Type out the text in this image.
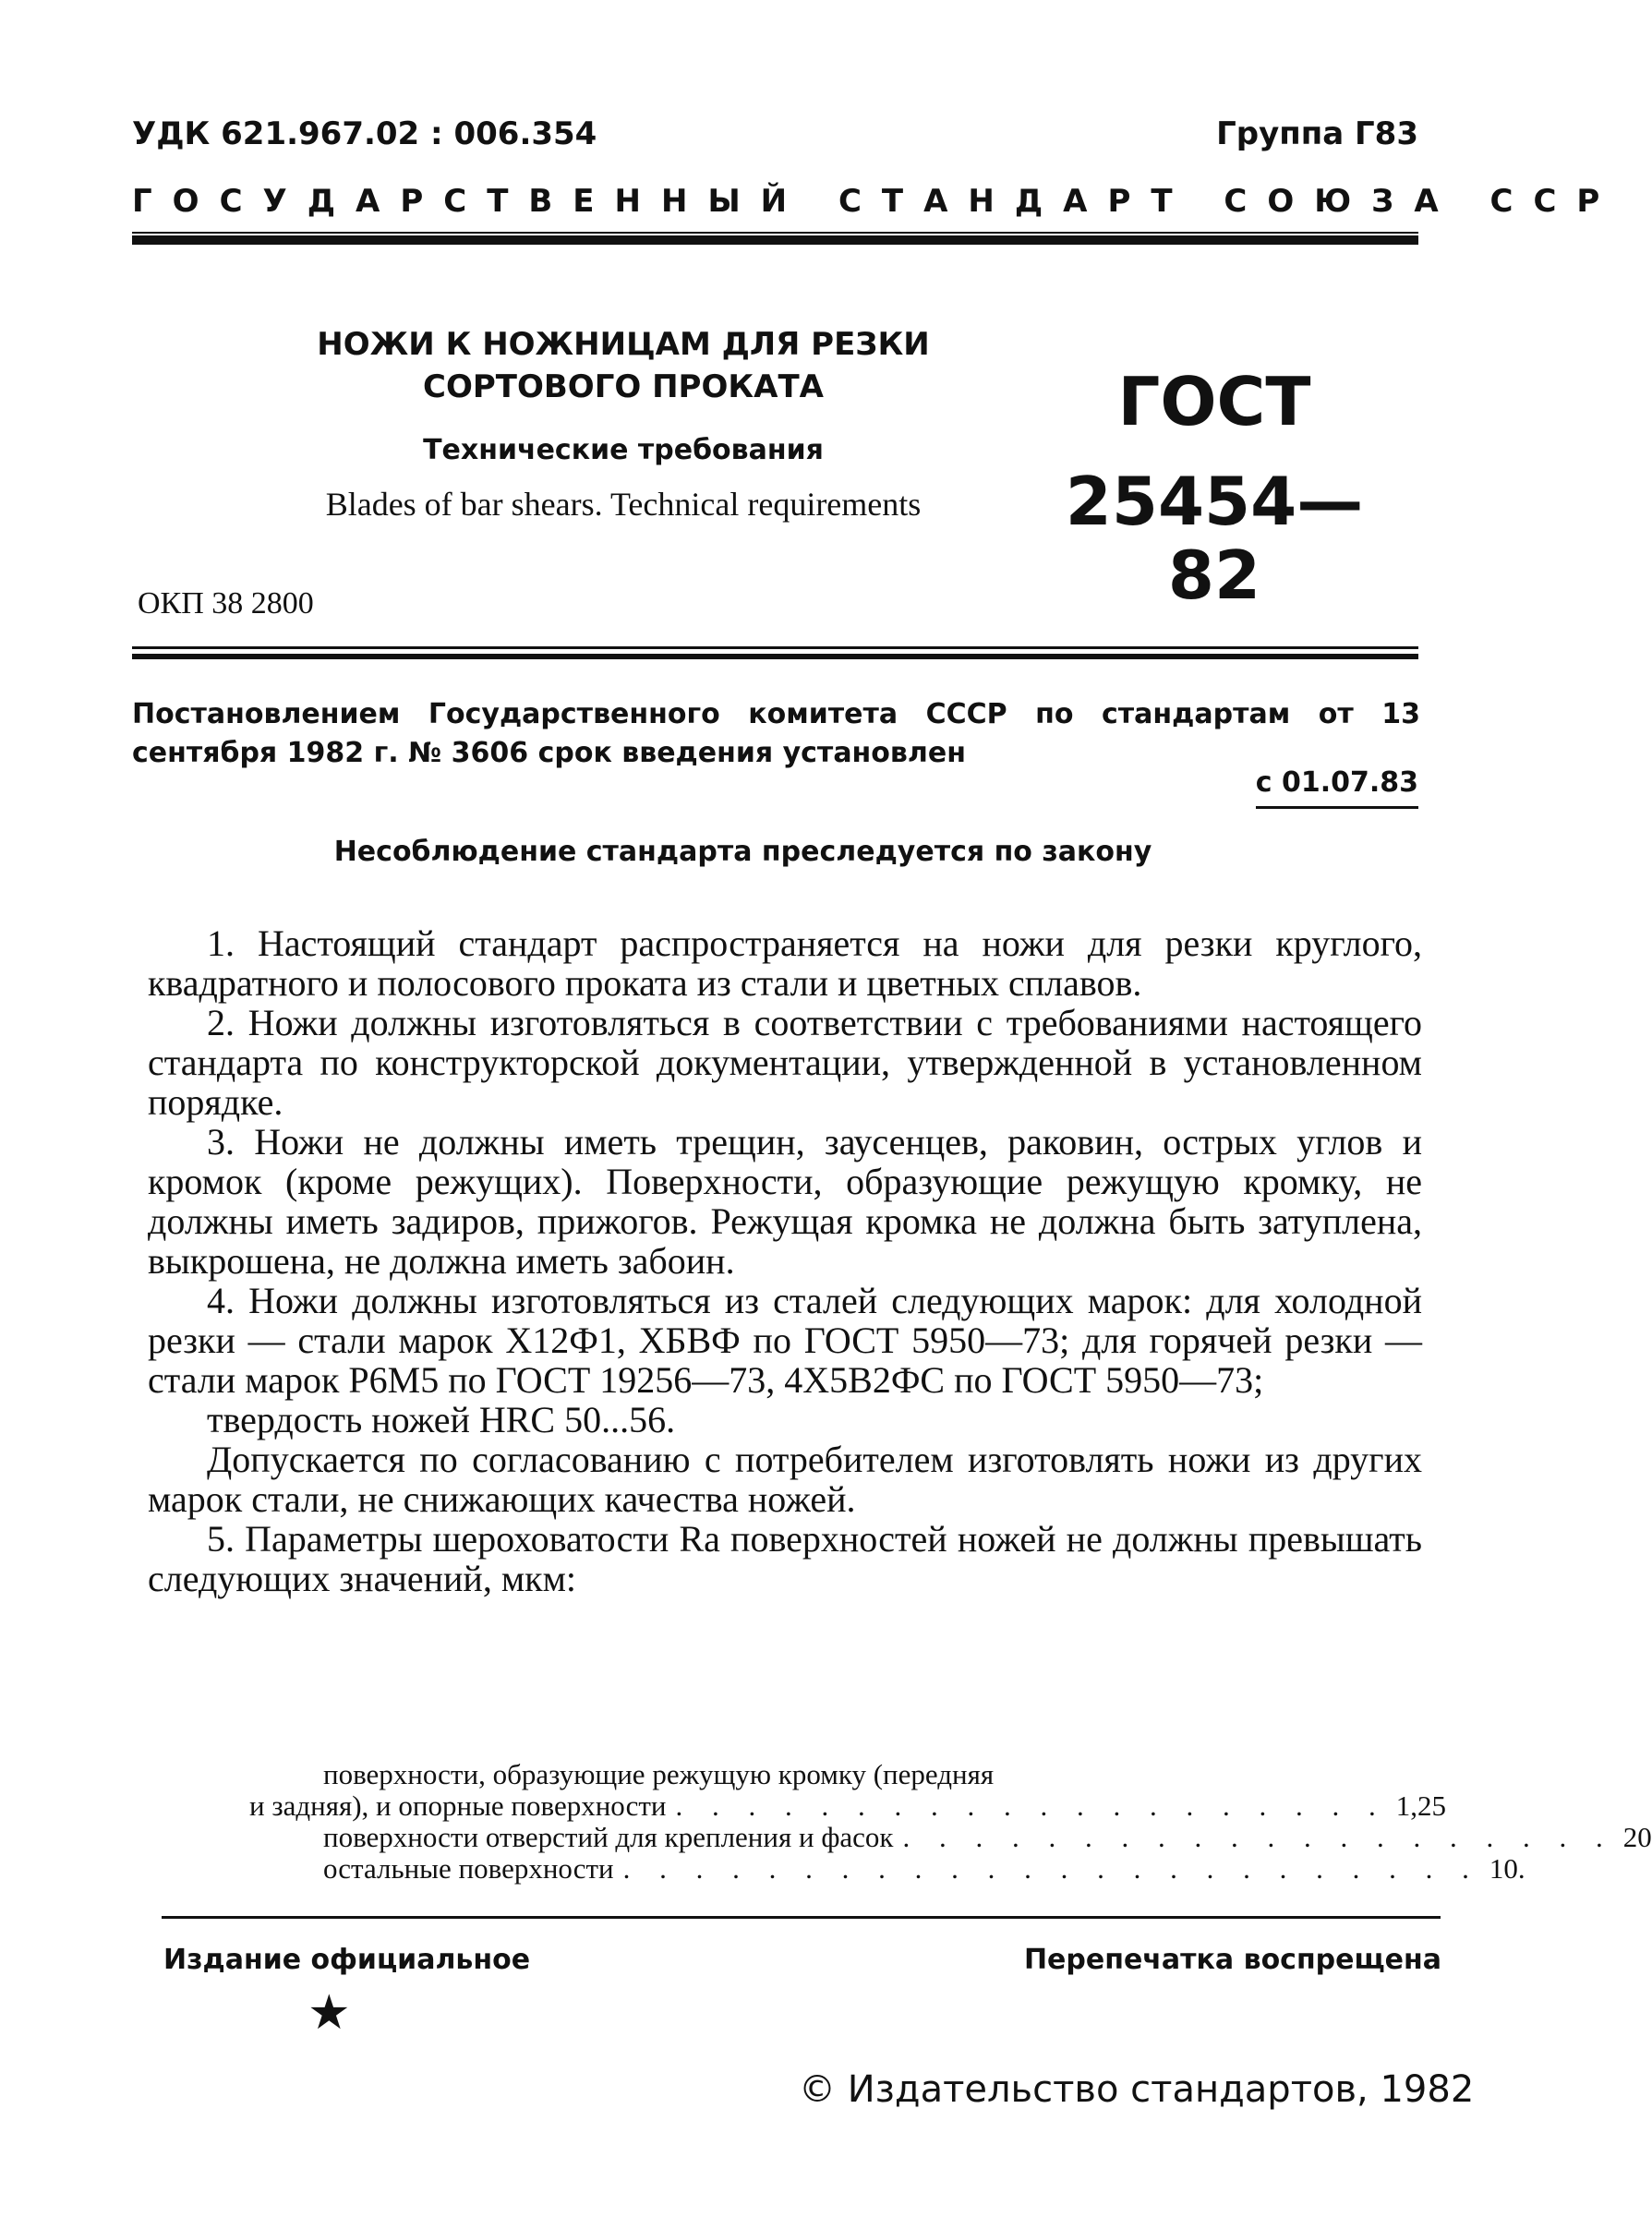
УДК 621.967.02 : 006.354	Группа Г83
ГОСУДАРСТВЕННЫЙ СТАНДАРТ СОЮЗА ССР
НОЖИ К НОЖНИЦАМ ДЛЯ РЕЗКИ
СОРТОВОГО ПРОКАТА
Технические требования
Blades of bar shears. Technical requirements
ГОСТ
25454—82
ОКП 38 2800
Постановлением Государственного комитета СССР по стандартам от 13 сентября 1982 г. № 3606 срок введения установлен
с 01.07.83
Несоблюдение стандарта преследуется по закону

1. Настоящий стандарт распространяется на ножи для резки круглого, квадратного и полосового проката из стали и цветных сплавов.

2. Ножи должны изготовляться в соответствии с требованиями настоящего стандарта по конструкторской документации, утвержденной в установленном порядке.

3. Ножи не должны иметь трещин, заусенцев, раковин, острых углов и кромок (кроме режущих). Поверхности, образующие режущую кромку, не должны иметь задиров, прижогов. Режущая кромка не должна быть затуплена, выкрошена, не должна иметь забоин.

4. Ножи должны изготовляться из сталей следующих марок: для холодной резки — стали марок Х12Ф1, ХБВФ по ГОСТ 5950—73; для горячей резки — стали марок Р6М5 по ГОСТ 19256—73, 4Х5В2ФС по ГОСТ 5950—73;

твердость ножей HRC 50...56.

Допускается по согласованию с потребителем изготовлять ножи из других марок стали, не снижающих качества ножей.

5. Параметры шероховатости Ra поверхностей ножей не должны превышать следующих значений, мкм:

поверхности, образующие режущую кромку (передняя
и задняя), и опорные поверхности . . . . . . . . . . . . . . . . . . . . 1,25
поверхности отверстий для крепления и фасок . . . . . . . . . . . . . . . . . . . . 20
остальные поверхности . . . . . . . . . . . . . . . . . . . . . . . . 10.
Издание официальное	Перепечатка воспрещена
★
© Издательство стандартов, 1982
